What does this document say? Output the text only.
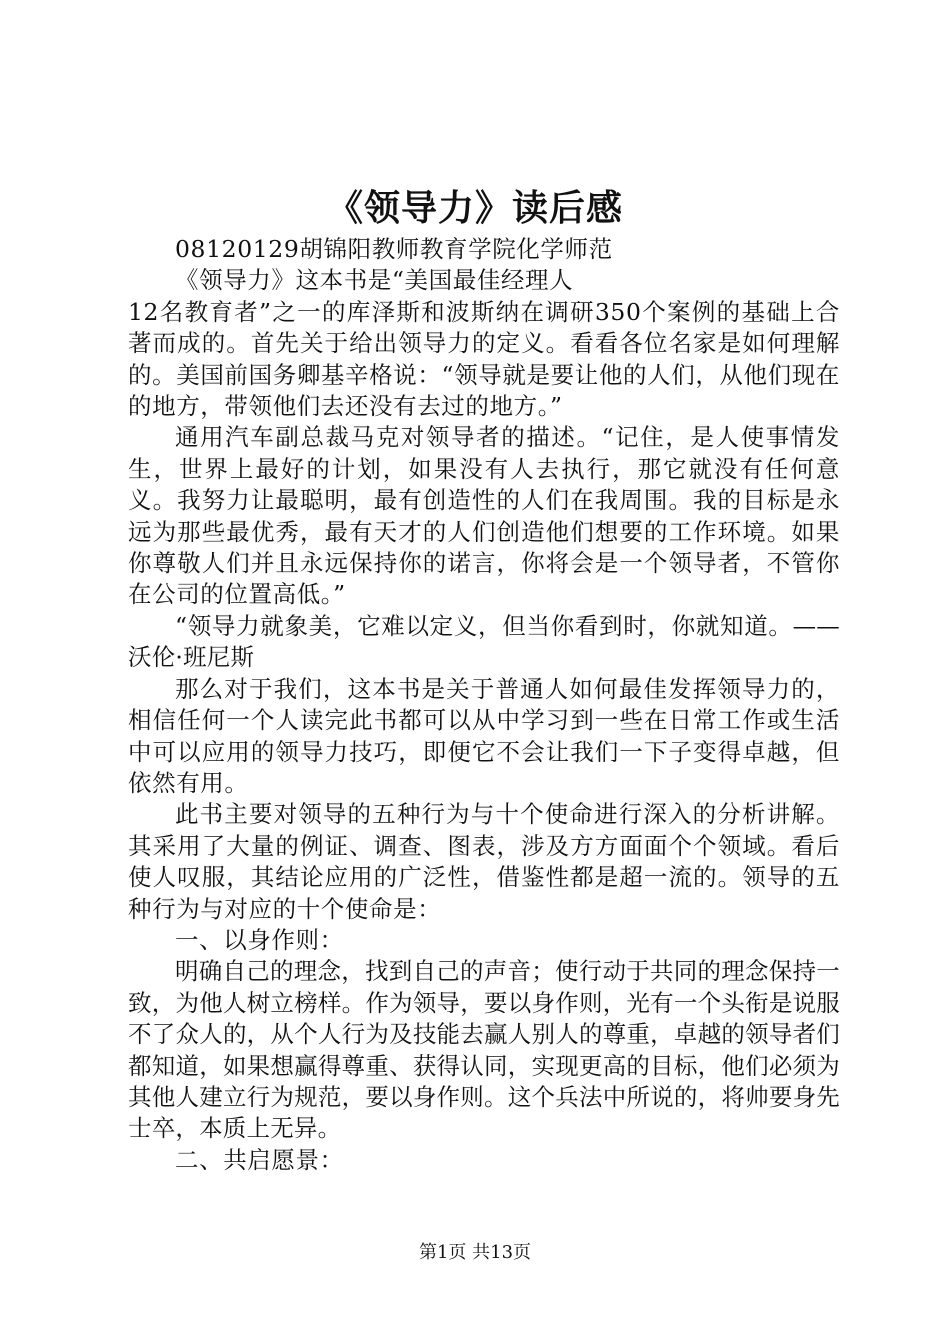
《领导力》读后感

08120129胡锦阳教师教育学院化学师范

《领导力》这本书是“美国最佳经理人

12名教育者”之一的库泽斯和波斯纳在调研350个案例的基础上合著而成的。首先关于给出领导力的定义。看看各位名家是如何理解的。美国前国务卿基辛格说：“领导就是要让他的人们，从他们现在的地方，带领他们去还没有去过的地方。”

通用汽车副总裁马克对领导者的描述。“记住，是人使事情发生，世界上最好的计划，如果没有人去执行，那它就没有任何意义。我努力让最聪明，最有创造性的人们在我周围。我的目标是永远为那些最优秀，最有天才的人们创造他们想要的工作环境。如果你尊敬人们并且永远保持你的诺言，你将会是一个领导者，不管你在公司的位置高低。”

“领导力就象美，它难以定义，但当你看到时，你就知道。——沃伦·班尼斯

那么对于我们，这本书是关于普通人如何最佳发挥领导力的，相信任何一个人读完此书都可以从中学习到一些在日常工作或生活中可以应用的领导力技巧，即便它不会让我们一下子变得卓越，但依然有用。

此书主要对领导的五种行为与十个使命进行深入的分析讲解。其采用了大量的例证、调查、图表，涉及方方面面个个领域。看后使人叹服，其结论应用的广泛性，借鉴性都是超一流的。领导的五种行为与对应的十个使命是：

一、以身作则：

明确自己的理念，找到自己的声音；使行动于共同的理念保持一致，为他人树立榜样。作为领导，要以身作则，光有一个头衔是说服不了众人的，从个人行为及技能去赢人别人的尊重，卓越的领导者们都知道，如果想赢得尊重、获得认同，实现更高的目标，他们必须为其他人建立行为规范，要以身作则。这个兵法中所说的，将帅要身先士卒，本质上无异。

二、共启愿景：

第1页 共13页
